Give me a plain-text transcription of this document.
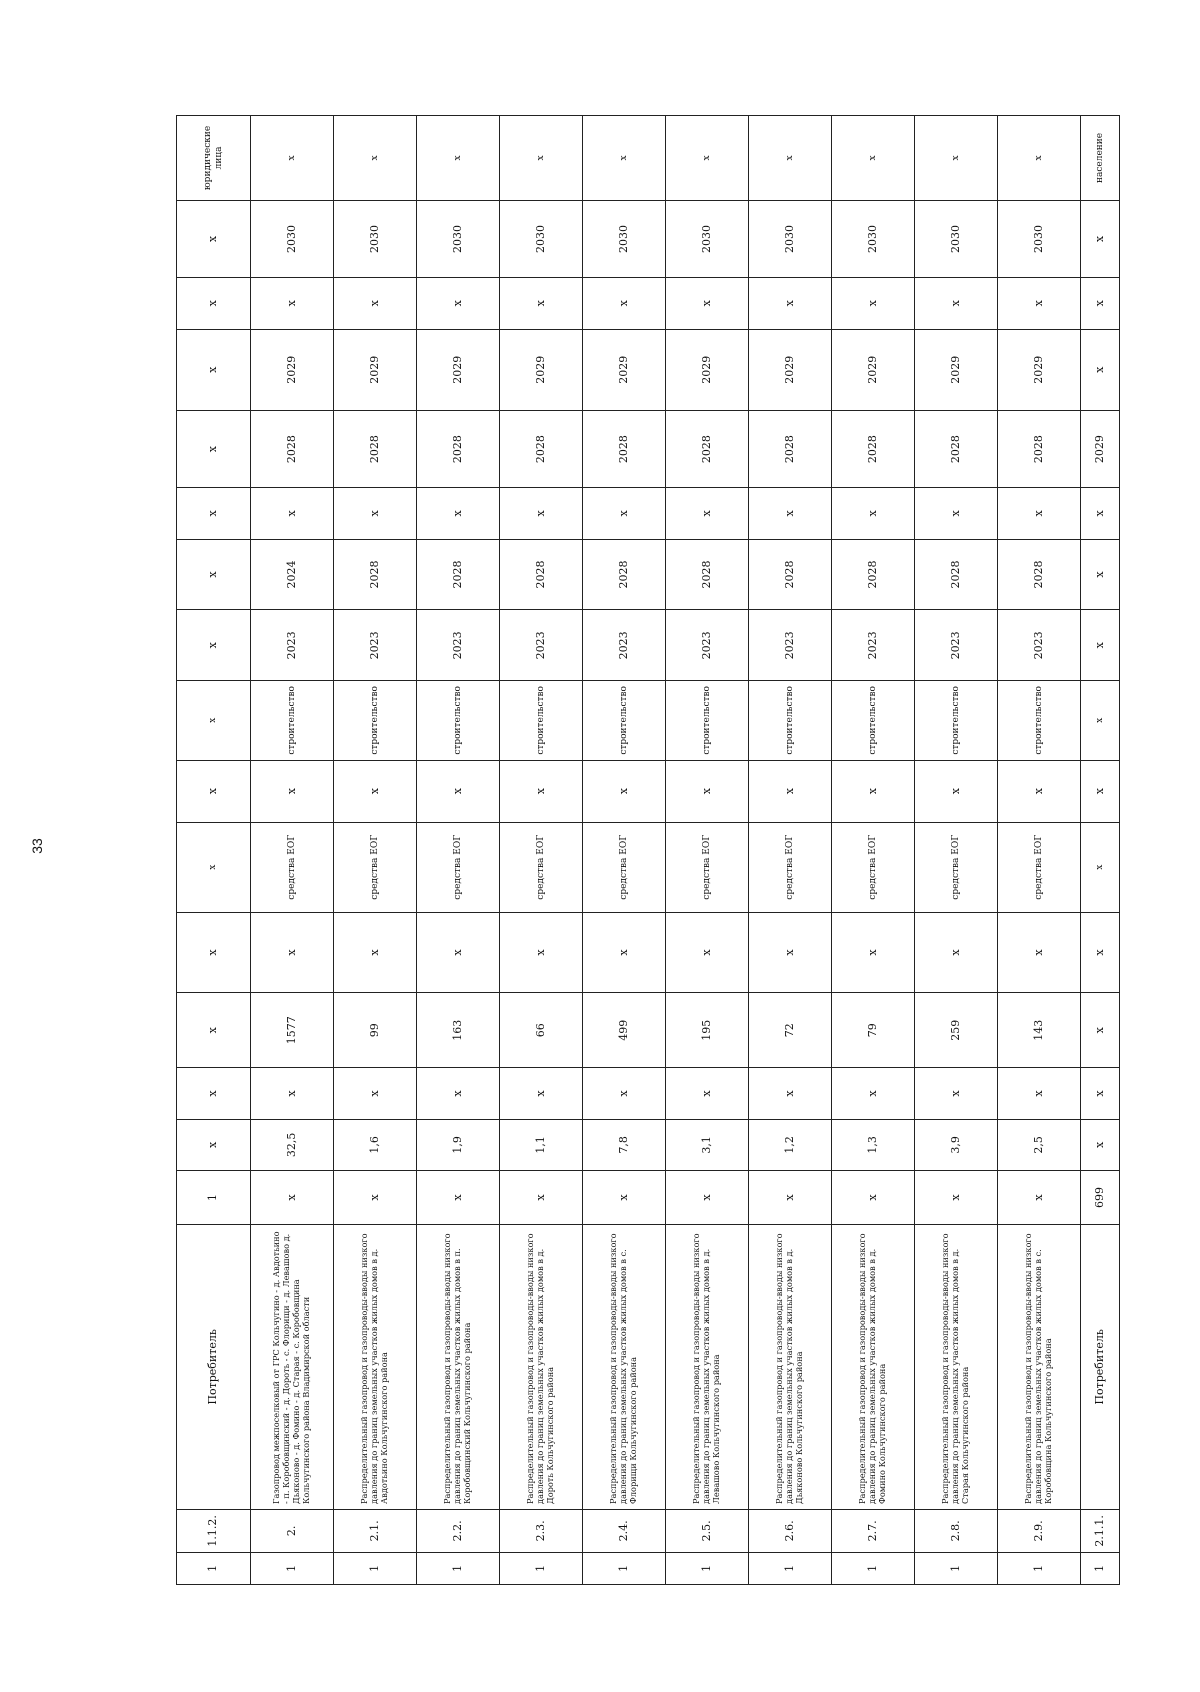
33
1	1.1.2.	Потребитель	1	x	x	x	x	x	x	x	x	x	x	x	x	x	x	юридические лица
1	2.	Газопровод межпоселковый от ГРС Кольчугино - д. Авдотьино - п. Коробовщинский - д. Дороть - с. Флорищи - д. Левашово д. Дьяконово - д. Фомино - д. Старая - с. Коробовщина Кольчугинского района Владимирской области	x	32,5	x	1577	x	средства ЕОГ	x	строительство	2023	2024	x	2028	2029	x	2030	x
1	2.1.	Распределительный газопровод и газопроводы-вводы низкого давления до границ земельных участков жилых домов в д. Авдотьино Кольчугинского района	x	1,6	x	99	x	средства ЕОГ	x	строительство	2023	2028	x	2028	2029	x	2030	x
1	2.2.	Распределительный газопровод и газопроводы-вводы низкого давления до границ земельных участков жилых домов в п. Коробовщинский Кольчугинского района	x	1,9	x	163	x	средства ЕОГ	x	строительство	2023	2028	x	2028	2029	x	2030	x
1	2.3.	Распределительный газопровод и газопроводы-вводы низкого давления до границ земельных участков жилых домов в д. Дороть Кольчугинского района	x	1,1	x	66	x	средства ЕОГ	x	строительство	2023	2028	x	2028	2029	x	2030	x
1	2.4.	Распределительный газопровод и газопроводы-вводы низкого давления до границ земельных участков жилых домов в с. Флорищи Кольчугинского района	x	7,8	x	499	x	средства ЕОГ	x	строительство	2023	2028	x	2028	2029	x	2030	x
1	2.5.	Распределительный газопровод и газопроводы-вводы низкого давления до границ земельных участков жилых домов в д. Левашово Кольчугинского района	x	3,1	x	195	x	средства ЕОГ	x	строительство	2023	2028	x	2028	2029	x	2030	x
1	2.6.	Распределительный газопровод и газопроводы-вводы низкого давления до границ земельных участков жилых домов в д. Дьяконово Кольчугинского района	x	1,2	x	72	x	средства ЕОГ	x	строительство	2023	2028	x	2028	2029	x	2030	x
1	2.7.	Распределительный газопровод и газопроводы-вводы низкого давления до границ земельных участков жилых домов в д. Фомино Кольчугинского района	x	1,3	x	79	x	средства ЕОГ	x	строительство	2023	2028	x	2028	2029	x	2030	x
1	2.8.	Распределительный газопровод и газопроводы-вводы низкого давления до границ земельных участков жилых домов в д. Старая Кольчугинского района	x	3,9	x	259	x	средства ЕОГ	x	строительство	2023	2028	x	2028	2029	x	2030	x
1	2.9.	Распределительный газопровод и газопроводы-вводы низкого давления до границ земельных участков жилых домов в с. Коробовщина Кольчугинского района	x	2,5	x	143	x	средства ЕОГ	x	строительство	2023	2028	x	2028	2029	x	2030	x
1	2.1.1.	Потребитель	699	x	x	x	x	x	x	x	x	x	x	2029	x	x	x	население
